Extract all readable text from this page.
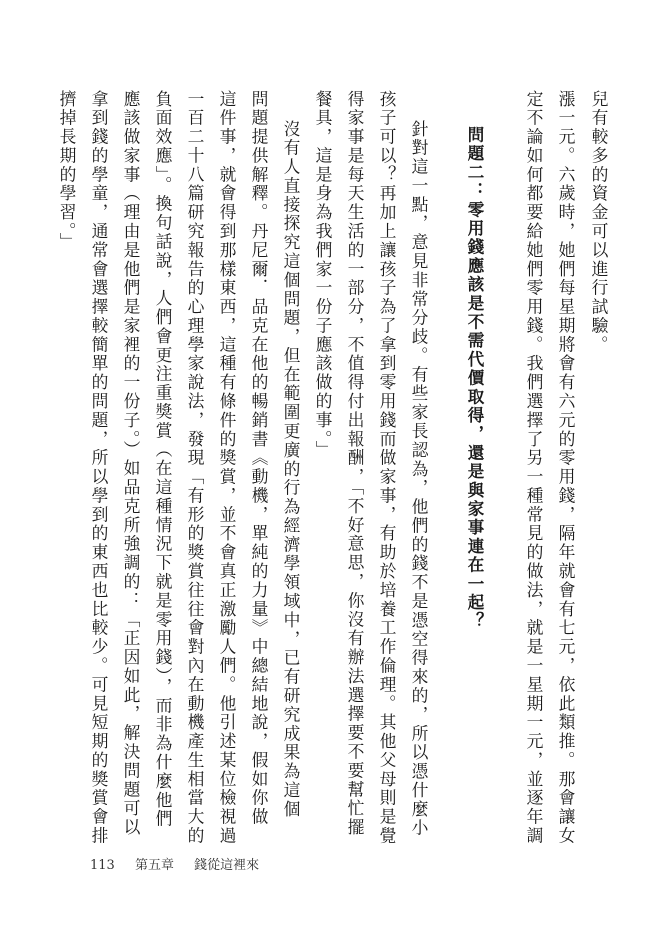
兒有較多的資金可以進行試驗。
漲一元。六歲時，她們每星期將會有六元的零用錢，隔年就會有七元，依此類推。那會讓女
定不論如何都要給她們零用錢。我們選擇了另一種常見的做法，就是一星期一元，並逐年調
問題二：零用錢應該是不需代價取得，還是與家事連在一起？
針對這一點，意見非常分歧。有些家長認為，他們的錢不是憑空得來的，所以憑什麼小
孩子可以？再加上讓孩子為了拿到零用錢而做家事，有助於培養工作倫理。其他父母則是覺
得家事是每天生活的一部分，不值得付出報酬，「不好意思，你沒有辦法選擇要不要幫忙擺
餐具，這是身為我們家一份子應該做的事。」
沒有人直接探究這個問題，但在範圍更廣的行為經濟學領域中，已有研究成果為這個
問題提供解釋。丹尼爾．品克在他的暢銷書《動機，單純的力量》中總結地說，假如你做
這件事，就會得到那樣東西，這種有條件的獎賞，並不會真正激勵人們。他引述某位檢視過
一百二十八篇研究報告的心理學家說法，發現「有形的獎賞往往會對內在動機產生相當大的
負面效應」。換句話說，人們會更注重獎賞（在這種情況下就是零用錢），而非為什麼他們
應該做家事（理由是他們是家裡的一份子。）如品克所強調的：「正因如此，解決問題可以
拿到錢的學童，通常會選擇較簡單的問題，所以學到的東西也比較少。可見短期的獎賞會排
擠掉長期的學習。」
113 第五章 錢從這裡來
